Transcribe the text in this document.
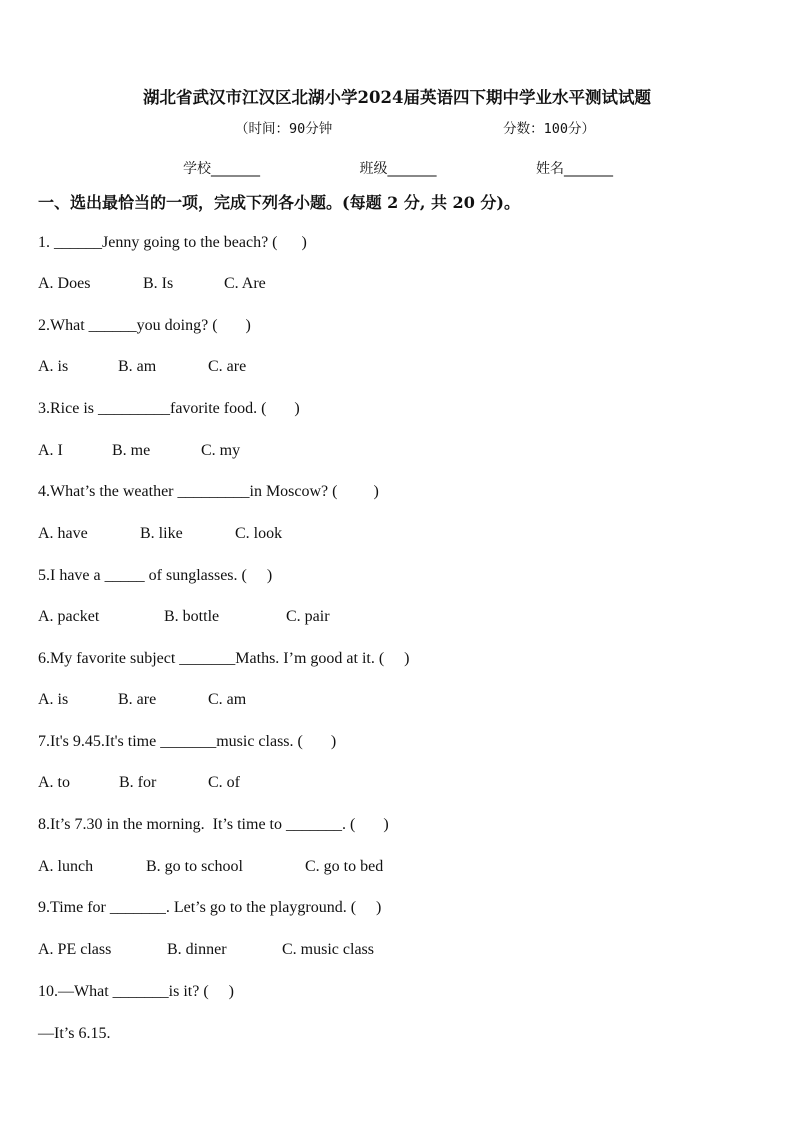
湖北省武汉市江汉区北湖小学2024届英语四下期中学业水平测试试题
（时间：90分钟	分数：100分）
学校_______	班级_______	姓名_______
一、选出最恰当的一项，完成下列各小题。(每题 2 分, 共 20 分)。
1. ______Jenny going to the beach? (      )
A. Does	B. Is	C. Are
2.What ______you doing? (       )
A. is	B. am	C. are
3.Rice is _________favorite food. (       )
A. I	B. me	C. my
4.What’s the weather _________in Moscow? (         )
A. have	B. like	C. look
5.I have a _____ of sunglasses. (     )
A. packet	B. bottle	C. pair
6.My favorite subject _______Maths. I’m good at it. (     )
A. is	B. are	C. am
7.It's 9.45.It's time _______music class. (       )
A. to	B. for	C. of
8.It’s 7.30 in the morning.  It’s time to _______. (       )
A. lunch	B. go to school	C. go to bed
9.Time for _______. Let’s go to the playground. (     )
A. PE class	B. dinner	C. music class
10.—What _______is it? (     )
—It’s 6.15.
